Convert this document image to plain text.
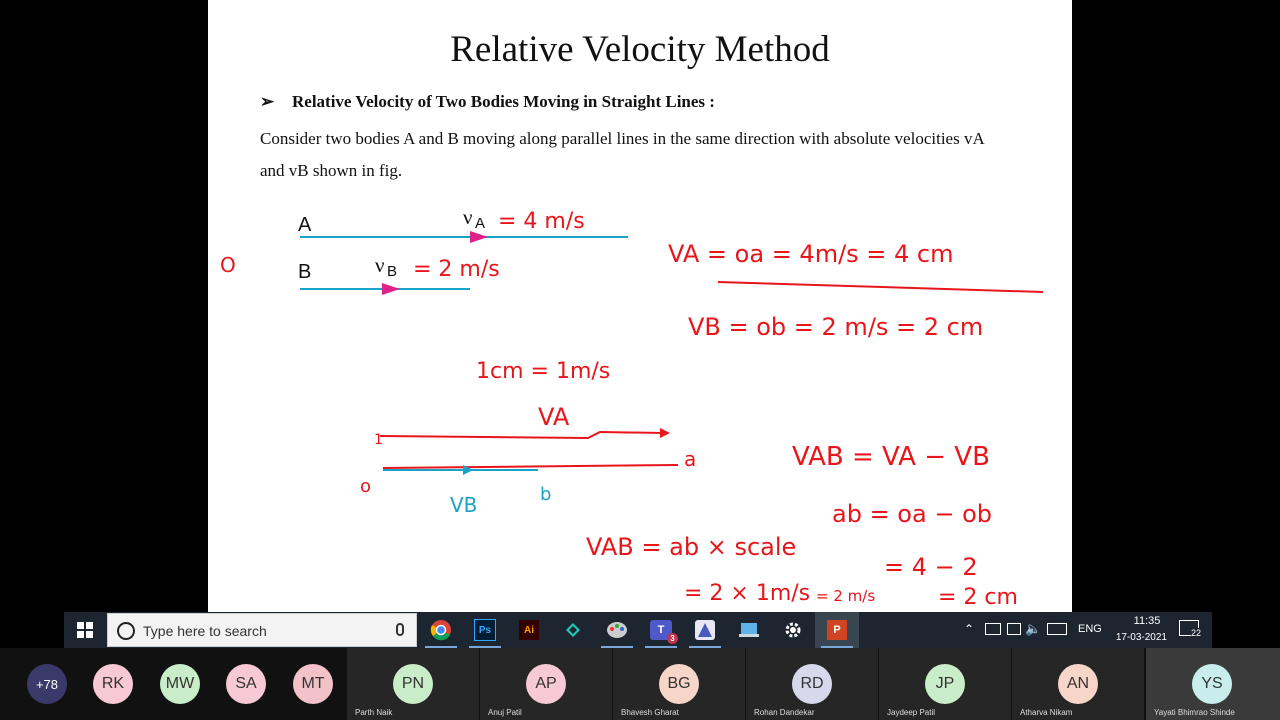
Relative Velocity Method
➢ Relative Velocity of Two Bodies Moving in Straight Lines :
Consider two bodies A and B moving along parallel lines in the same direction with absolute velocities vA
and vB shown in fig.
A	ν A
B	ν B
= 4 m/s
= 2 m/s
O	VA = oa = 4m/s = 4 cm
VB = ob = 2 m/s = 2 cm
1cm = 1m/s
VA
1
o
a
b
VB
VAB = VA − VB
ab = oa − ob
VAB = ab × scale
= 4 − 2
= 2 × 1m/s = 2 m/s	= 2 cm
Type here to search	Ps	Ai	T
3
P	⌃	🔈	ENG
11:35
17-03-2021	22
+78	RK	MW	SA	MT	PN
Parth Naik
AP
Anuj Patil
BG
Bhavesh Gharat
RD
Rohan Dandekar
JP
Jaydeep Patil
AN
Atharva Nikam
YS
Yayati Bhimrao Shinde
